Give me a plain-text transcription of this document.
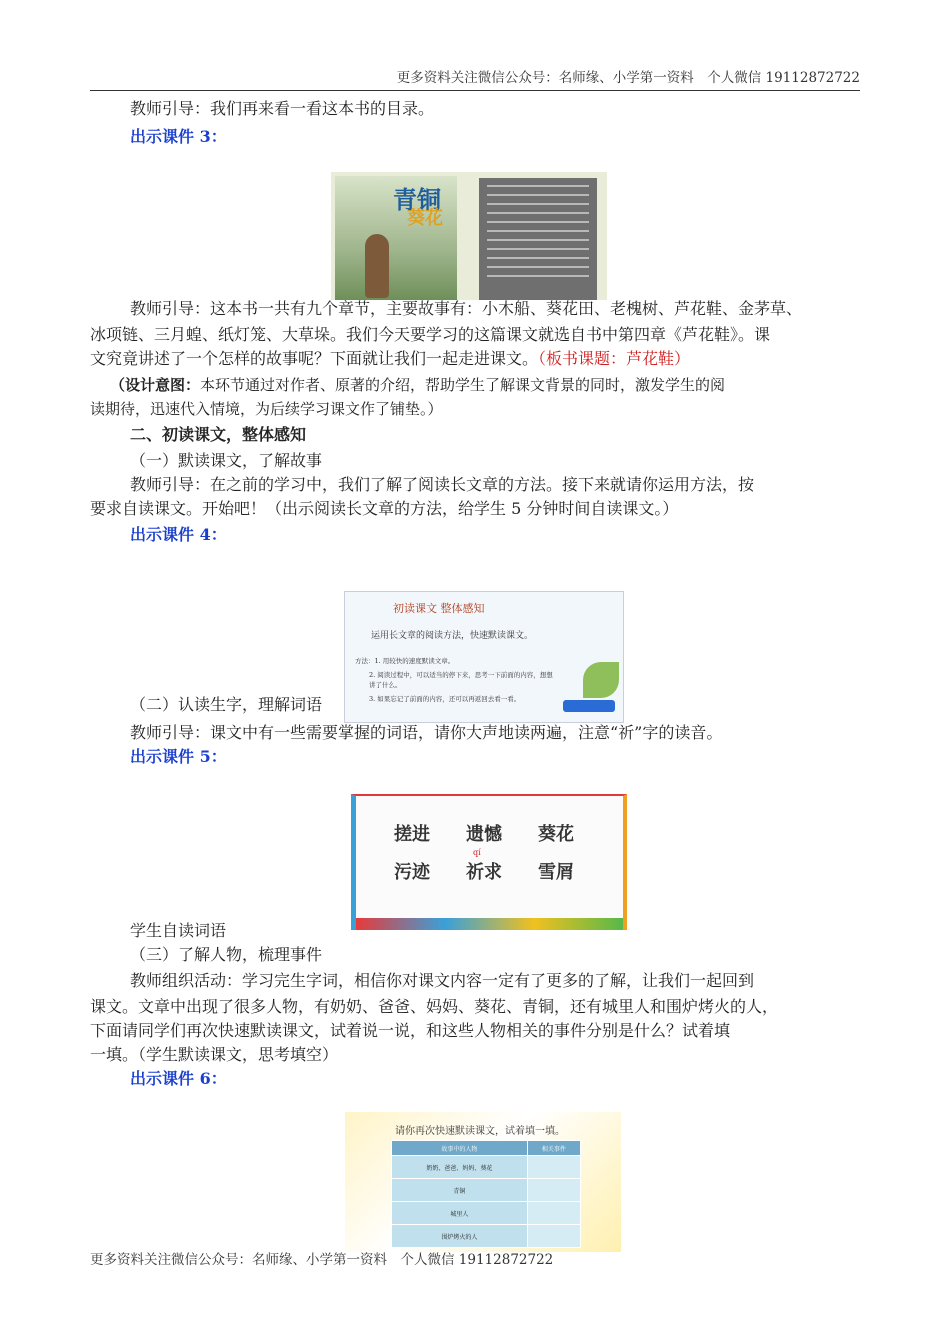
更多资料关注微信公众号：名师缘、小学第一资料　个人微信 19112872722
教师引导：我们再来看一看这本书的目录。
出示课件 3：
青铜
葵花
教师引导：这本书一共有九个章节，主要故事有：小木船、葵花田、老槐树、芦花鞋、金茅草、
冰项链、三月蝗、纸灯笼、大草垛。我们今天要学习的这篇课文就选自书中第四章《芦花鞋》。课
文究竟讲述了一个怎样的故事呢？下面就让我们一起走进课文。（板书课题：芦花鞋）
（设计意图：本环节通过对作者、原著的介绍，帮助学生了解课文背景的同时，激发学生的阅
读期待，迅速代入情境，为后续学习课文作了铺垫。）
二、初读课文，整体感知
（一）默读课文，了解故事
教师引导：在之前的学习中，我们了解了阅读长文章的方法。接下来就请你运用方法，按
要求自读课文。开始吧！（出示阅读长文章的方法，给学生 5 分钟时间自读课文。）
出示课件 4：
初读课文 整体感知
运用长文章的阅读方法，快速默读课文。
方法：1. 用较快的速度默读文章。
2. 阅读过程中，可以适当的停下来，思考一下前面的内容，想想
讲了什么。
3. 如果忘记了前面的内容，还可以再返回去看一看。
（二）认读生字，理解词语
教师引导：课文中有一些需要掌握的词语，请你大声地读两遍，注意“祈”字的读音。
出示课件 5：
搓进 遗憾 葵花
qí
污迹 祈求 雪屑
学生自读词语
（三）了解人物，梳理事件
教师组织活动：学习完生字词，相信你对课文内容一定有了更多的了解，让我们一起回到
课文。文章中出现了很多人物，有奶奶、爸爸、妈妈、葵花、青铜，还有城里人和围炉烤火的人，
下面请同学们再次快速默读课文，试着说一说，和这些人物相关的事件分别是什么？试着填
一填。（学生默读课文，思考填空）
出示课件 6：
请你再次快速默读课文，试着填一填。
故事中的人物	相关事件
奶奶、爸爸、妈妈、葵花	
青铜	
城里人	
围炉烤火的人	
更多资料关注微信公众号：名师缘、小学第一资料　个人微信 19112872722
